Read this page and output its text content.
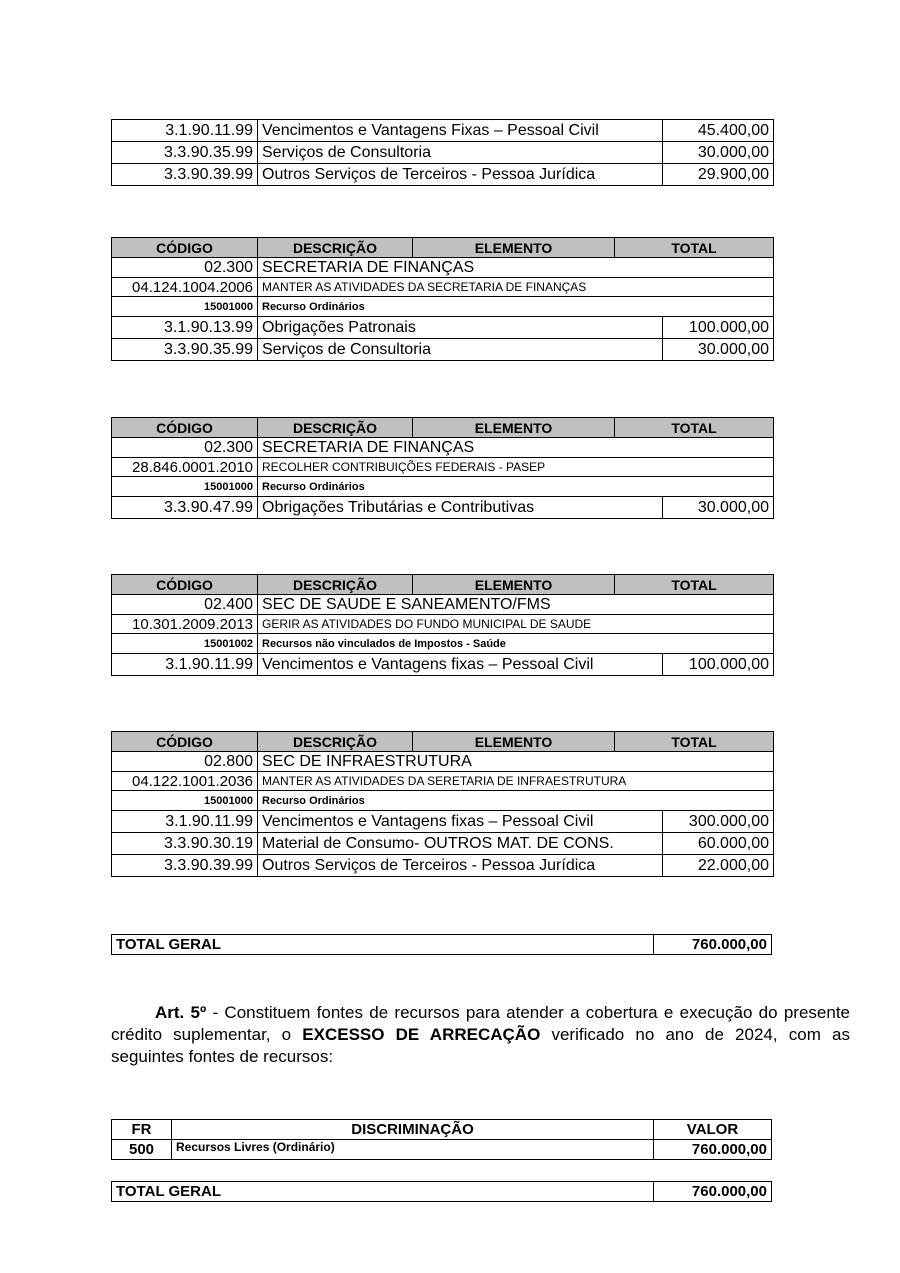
3.1.90.11.99	Vencimentos e Vantagens Fixas – Pessoal Civil	45.400,00
3.3.90.35.99	Serviços de Consultoria	30.000,00
3.3.90.39.99	Outros Serviços de Terceiros - Pessoa Jurídica	29.900,00
CÓDIGO	DESCRIÇÃO	ELEMENTO	TOTAL	
02.300	SECRETARIA DE FINANÇAS			
04.124.1004.2006	MANTER AS ATIVIDADES DA SECRETARIA DE FINANÇAS			
15001000	Recurso Ordinários			
3.1.90.13.99	Obrigações Patronais			100.000,00
3.3.90.35.99	Serviços de Consultoria			30.000,00
CÓDIGO	DESCRIÇÃO	ELEMENTO	TOTAL	
02.300	SECRETARIA DE FINANÇAS			
28.846.0001.2010	RECOLHER CONTRIBUIÇÕES FEDERAIS - PASEP			
15001000	Recurso Ordinários			
3.3.90.47.99	Obrigações Tributárias e Contributivas			30.000,00
CÓDIGO	DESCRIÇÃO	ELEMENTO	TOTAL	
02.400	SEC DE SAUDE E SANEAMENTO/FMS			
10.301.2009.2013	GERIR AS ATIVIDADES DO FUNDO MUNICIPAL DE SAUDE			
15001002	Recursos não vinculados de Impostos - Saúde			
3.1.90.11.99	Vencimentos e Vantagens fixas – Pessoal Civil			100.000,00
CÓDIGO	DESCRIÇÃO	ELEMENTO	TOTAL	
02.800	SEC DE INFRAESTRUTURA			
04.122.1001.2036	MANTER AS ATIVIDADES DA SERETARIA DE INFRAESTRUTURA			
15001000	Recurso Ordinários			
3.1.90.11.99	Vencimentos e Vantagens fixas – Pessoal Civil			300.000,00
3.3.90.30.19	Material de Consumo- OUTROS MAT. DE CONS.			60.000,00
3.3.90.39.99	Outros Serviços de Terceiros - Pessoa Jurídica			22.000,00
TOTAL GERAL	760.000,00
Art. 5º - Constituem fontes de recursos para atender a cobertura e execução do presente crédito suplementar, o EXCESSO DE ARRECAÇÃO verificado no ano de 2024, com as seguintes fontes de recursos:
FR	DISCRIMINAÇÃO	VALOR
500	Recursos Livres (Ordinário)	760.000,00
TOTAL GERAL	760.000,00
